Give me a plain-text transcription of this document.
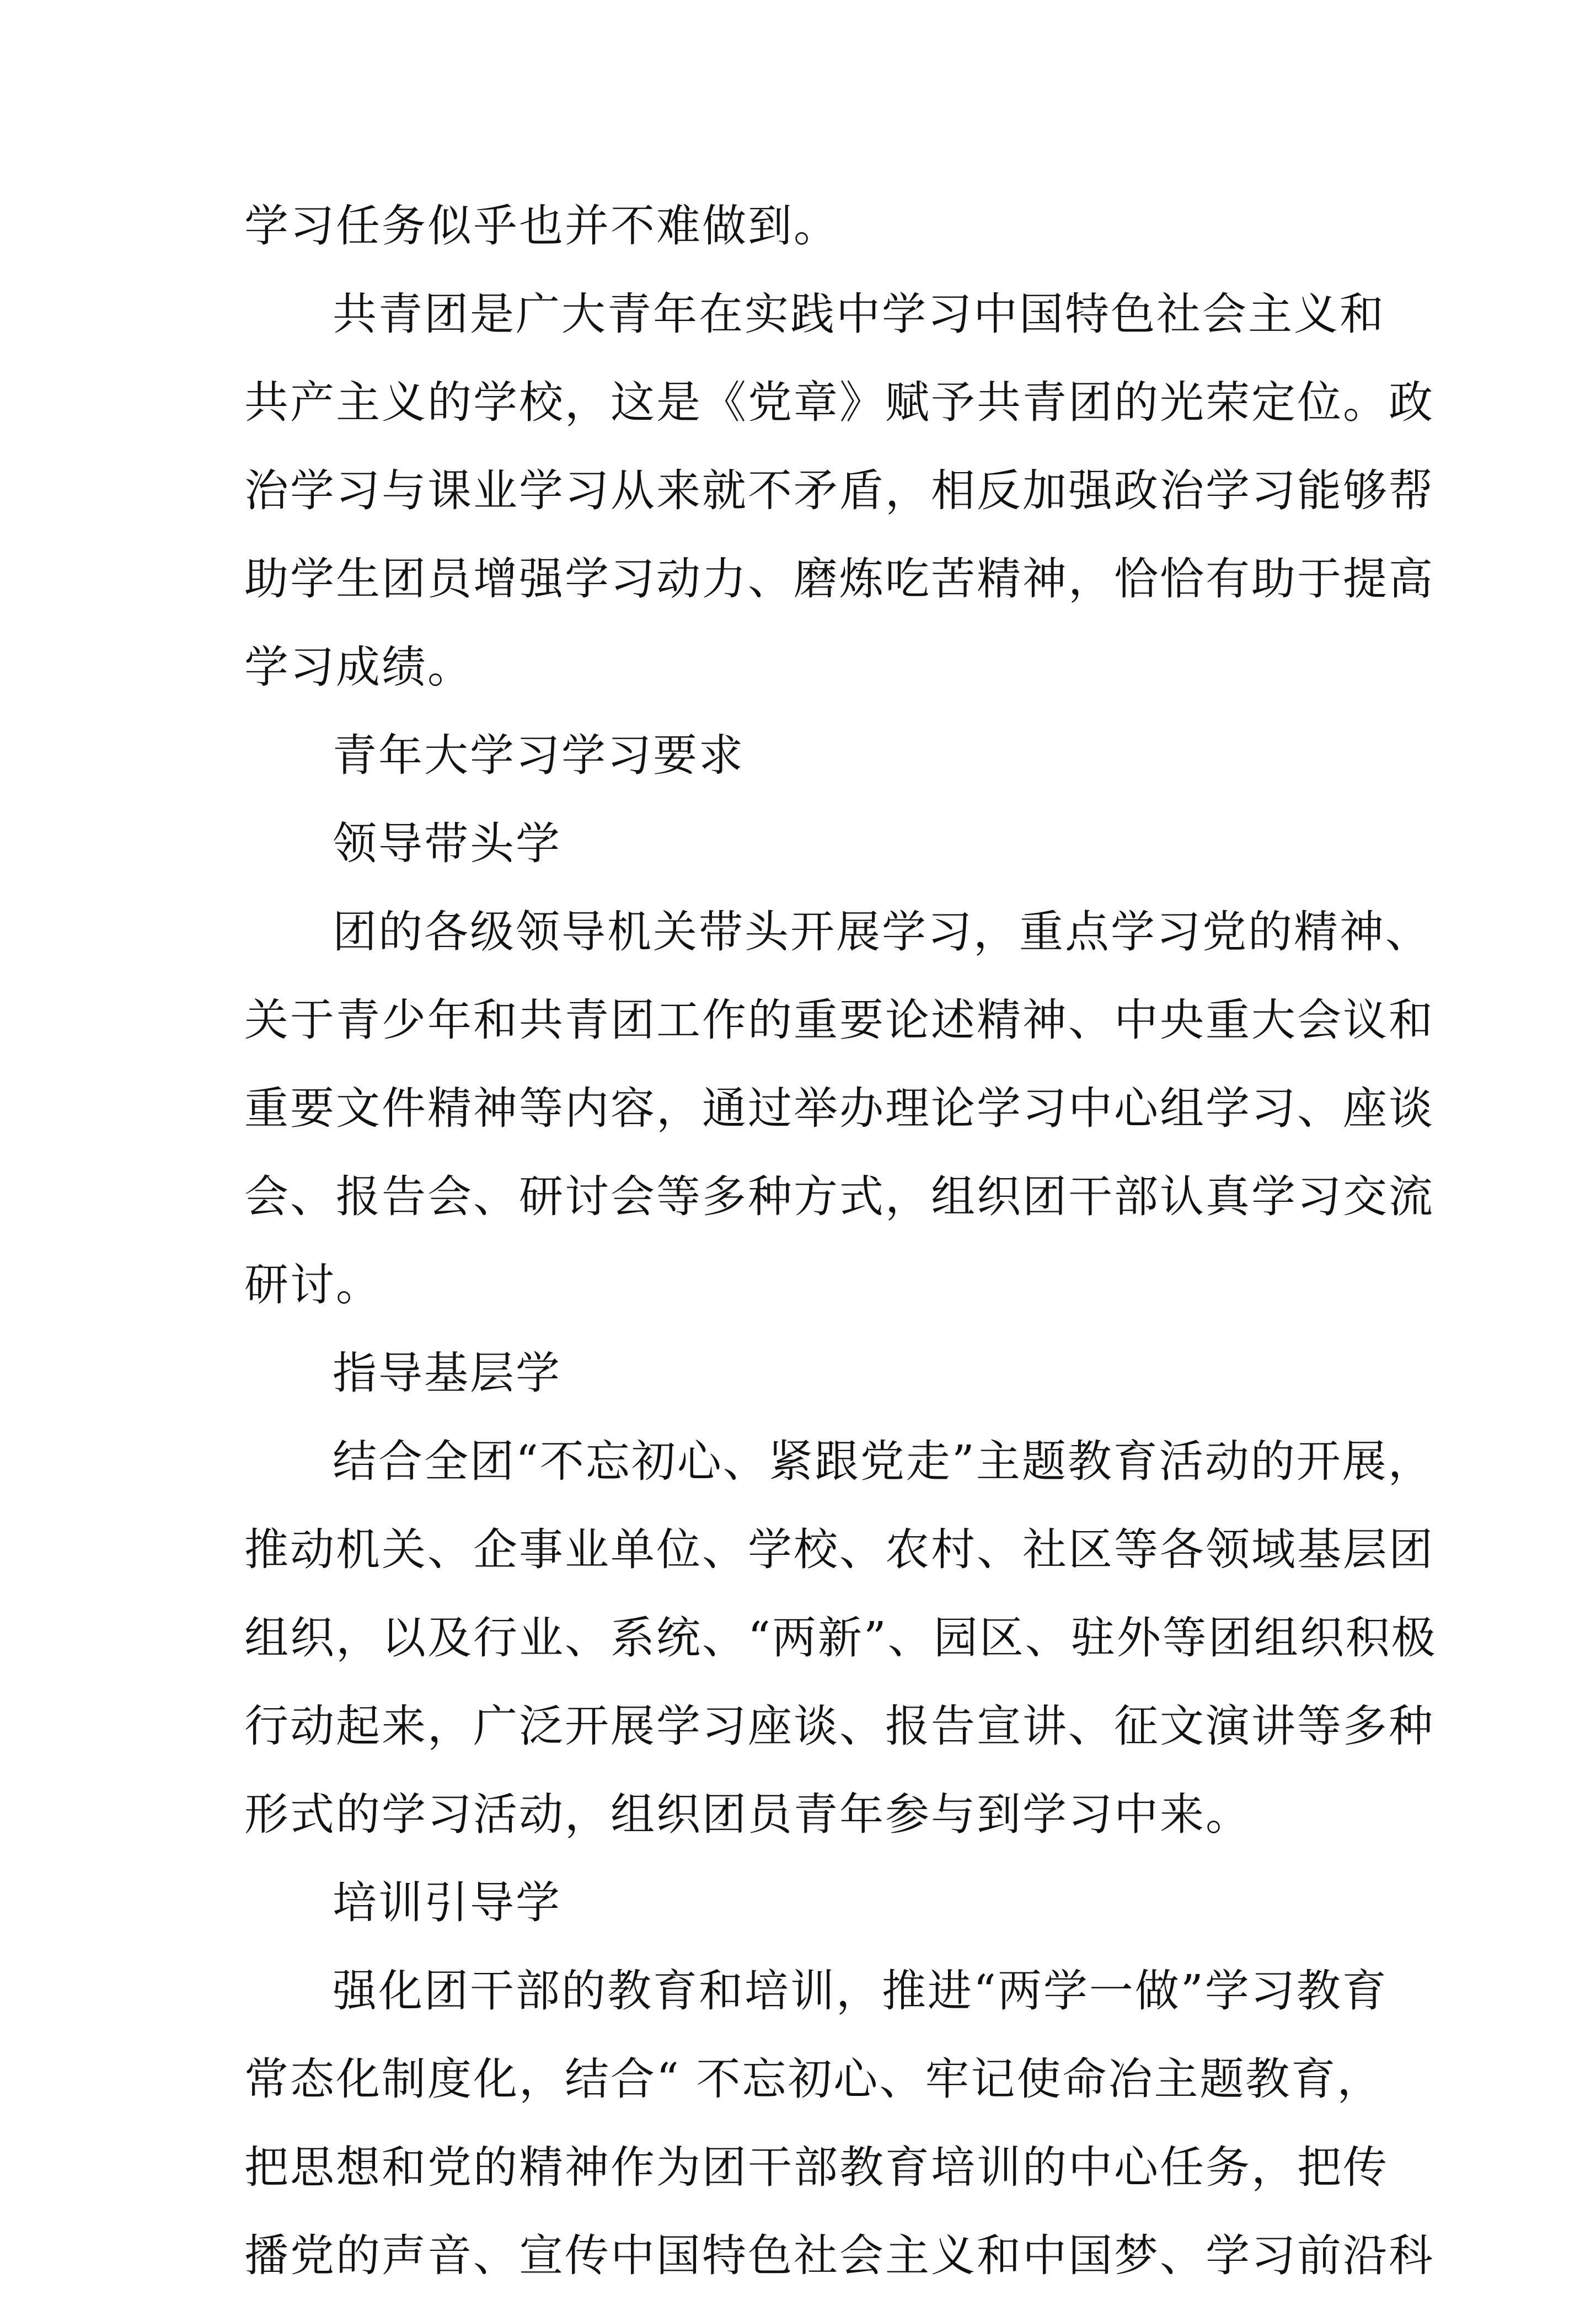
学习任务似乎也并不难做到。
共青团是广大青年在实践中学习中国特色社会主义和
共产主义的学校，这是《党章》赋予共青团的光荣定位。政
治学习与课业学习从来就不矛盾，相反加强政治学习能够帮
助学生团员增强学习动力、磨炼吃苦精神，恰恰有助于提高
学习成绩。
青年大学习学习要求
领导带头学
团的各级领导机关带头开展学习，重点学习党的精神、
关于青少年和共青团工作的重要论述精神、中央重大会议和
重要文件精神等内容，通过举办理论学习中心组学习、座谈
会、报告会、研讨会等多种方式，组织团干部认真学习交流
研讨。
指导基层学
结合全团“不忘初心、紧跟党走”主题教育活动的开展，
推动机关、企事业单位、学校、农村、社区等各领域基层团
组织，以及行业、系统、“两新”、园区、驻外等团组织积极
行动起来，广泛开展学习座谈、报告宣讲、征文演讲等多种
形式的学习活动，组织团员青年参与到学习中来。
培训引导学
强化团干部的教育和培训，推进“两学一做”学习教育
常态化制度化，结合“ 不忘初心、牢记使命冶主题教育，
把思想和党的精神作为团干部教育培训的中心任务，把传
播党的声音、宣传中国特色社会主义和中国梦、学习前沿科
